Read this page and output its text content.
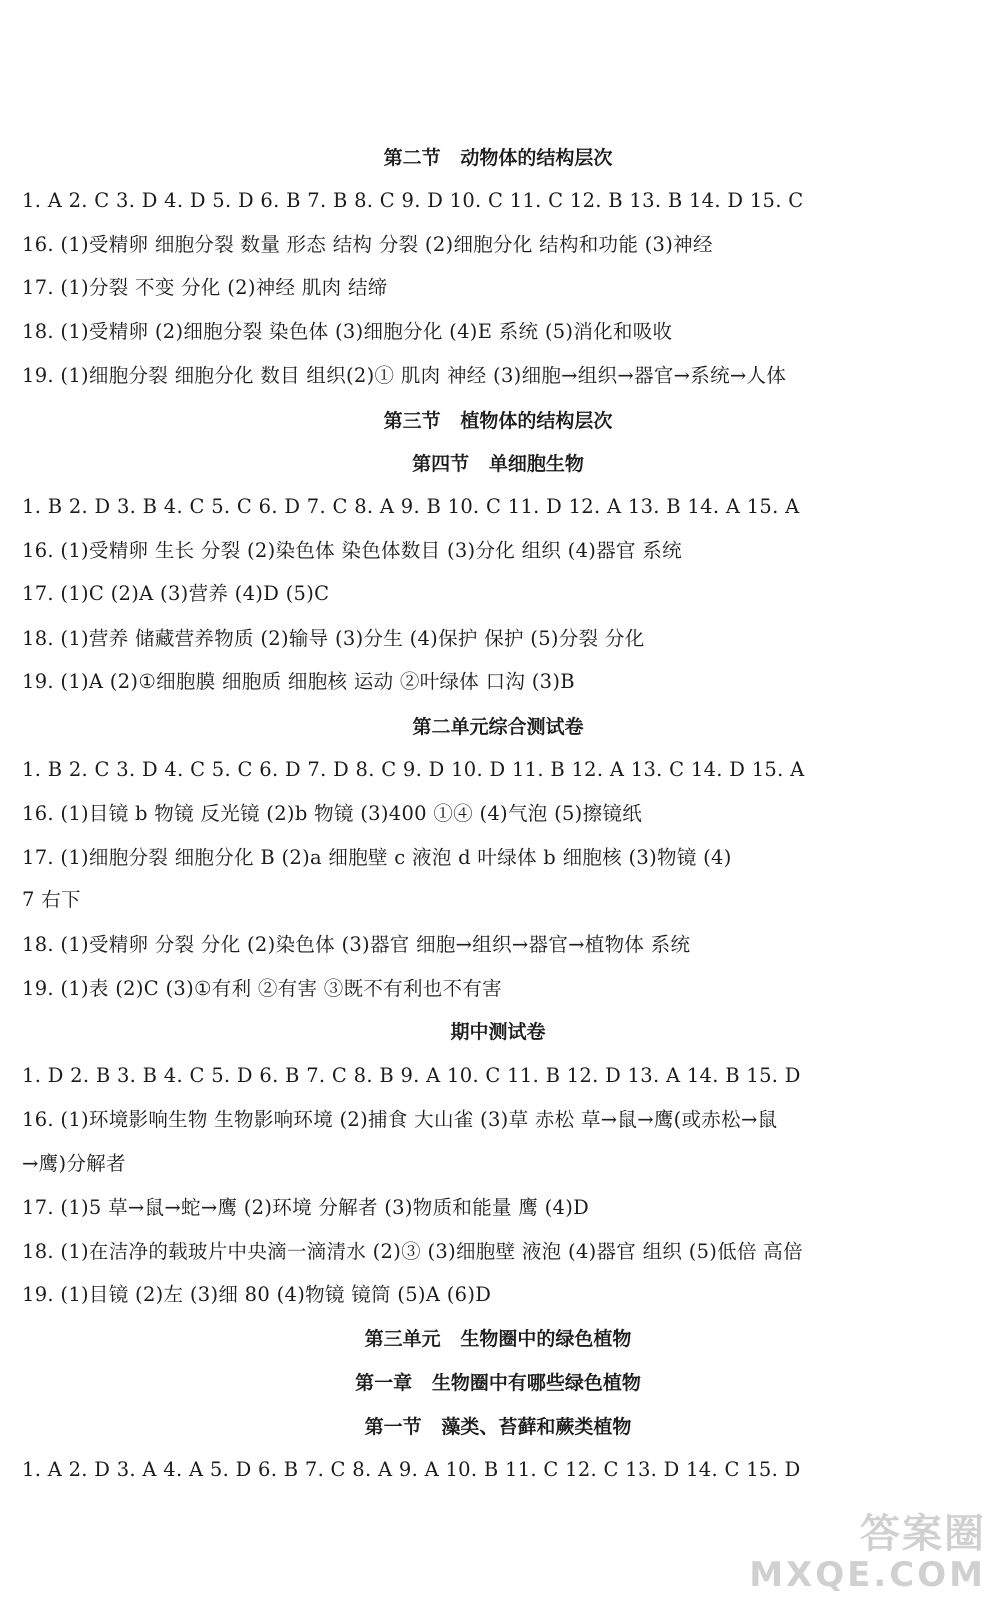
第二节   动物体的结构层次
1. A 2. C 3. D 4. D 5. D 6. B 7. B 8. C 9. D 10. C 11. C 12. B 13. B 14. D 15. C
16. (1)受精卵 细胞分裂 数量 形态 结构 分裂 (2)细胞分化 结构和功能 (3)神经
17. (1)分裂 不变 分化 (2)神经 肌肉 结缔
18. (1)受精卵 (2)细胞分裂 染色体 (3)细胞分化 (4)E 系统 (5)消化和吸收
19. (1)细胞分裂 细胞分化 数目 组织(2)① 肌肉 神经 (3)细胞→组织→器官→系统→人体
第三节   植物体的结构层次
第四节   单细胞生物
1. B 2. D 3. B 4. C 5. C 6. D 7. C 8. A 9. B 10. C 11. D 12. A 13. B 14. A 15. A
16. (1)受精卵 生长 分裂 (2)染色体 染色体数目 (3)分化 组织 (4)器官 系统
17. (1)C (2)A (3)营养 (4)D (5)C
18. (1)营养 储藏营养物质 (2)输导 (3)分生 (4)保护 保护 (5)分裂 分化
19. (1)A (2)①细胞膜 细胞质 细胞核 运动 ②叶绿体 口沟 (3)B
第二单元综合测试卷
1. B 2. C 3. D 4. C 5. C 6. D 7. D 8. C 9. D 10. D 11. B 12. A 13. C 14. D 15. A
16. (1)目镜 b 物镜 反光镜 (2)b 物镜 (3)400 ①④ (4)气泡 (5)擦镜纸
17. (1)细胞分裂 细胞分化 B (2)a 细胞壁 c 液泡 d 叶绿体 b 细胞核 (3)物镜 (4)
7 右下
18. (1)受精卵 分裂 分化 (2)染色体 (3)器官 细胞→组织→器官→植物体 系统
19. (1)表 (2)C (3)①有利 ②有害 ③既不有利也不有害
期中测试卷
1. D 2. B 3. B 4. C 5. D 6. B 7. C 8. B 9. A 10. C 11. B 12. D 13. A 14. B 15. D
16. (1)环境影响生物 生物影响环境 (2)捕食 大山雀 (3)草 赤松 草→鼠→鹰(或赤松→鼠
→鹰)分解者
17. (1)5 草→鼠→蛇→鹰 (2)环境 分解者 (3)物质和能量 鹰 (4)D
18. (1)在洁净的载玻片中央滴一滴清水 (2)③ (3)细胞壁 液泡 (4)器官 组织 (5)低倍 高倍
19. (1)目镜 (2)左 (3)细 80 (4)物镜 镜筒 (5)A (6)D
第三单元   生物圈中的绿色植物
第一章   生物圈中有哪些绿色植物
第一节   藻类、苔藓和蕨类植物
1. A 2. D 3. A 4. A 5. D 6. B 7. C 8. A 9. A 10. B 11. C 12. C 13. D 14. C 15. D
答案圈
MXQE.COM
